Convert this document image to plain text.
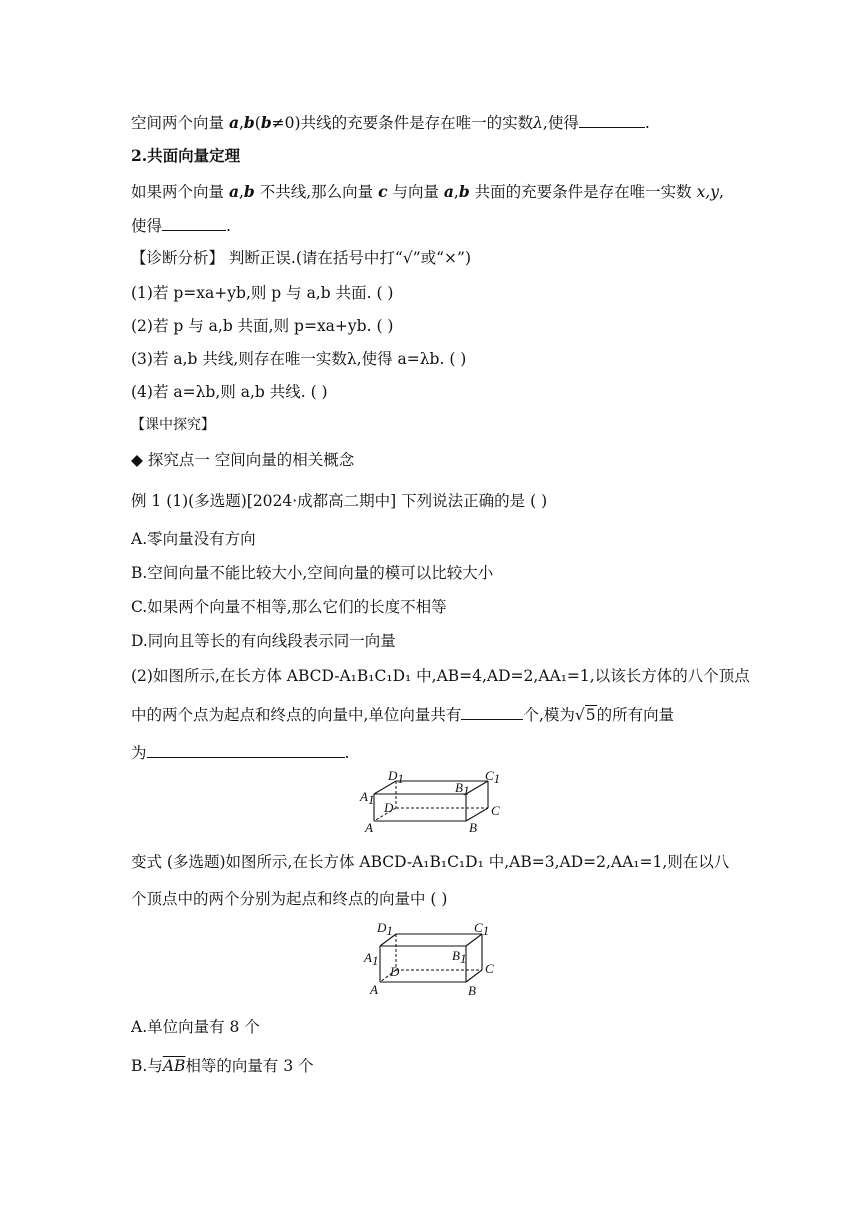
空间两个向量 a,b(b≠0)共线的充要条件是存在唯一的实数λ,使得	.
2.共面向量定理
如果两个向量 a,b 不共线,那么向量 c 与向量 a,b 共面的充要条件是存在唯一实数 x,y,
使得	.
【诊断分析】 判断正误.(请在括号中打“√”或“×”)
(1)若 p=xa+yb,则 p 与 a,b 共面. ( )
(2)若 p 与 a,b 共面,则 p=xa+yb. ( )
(3)若 a,b 共线,则存在唯一实数λ,使得 a=λb. ( )
(4)若 a=λb,则 a,b 共线. ( )
【课中探究】
◆ 探究点一 空间向量的相关概念
例 1 (1)(多选题)[2024·成都高二期中] 下列说法正确的是 ( )
A.零向量没有方向
B.空间向量不能比较大小,空间向量的模可以比较大小
C.如果两个向量不相等,那么它们的长度不相等
D.同向且等长的有向线段表示同一向量
(2)如图所示,在长方体 ABCD-A₁B₁C₁D₁ 中,AB=4,AD=2,AA₁=1,以该长方体的八个顶点
中的两个点为起点和终点的向量中,单位向量共有	个,模为√5的所有向量
为	.
D1	C1
A1
B1
D	C
A	B
变式 (多选题)如图所示,在长方体 ABCD-A₁B₁C₁D₁ 中,AB=3,AD=2,AA₁=1,则在以八
个顶点中的两个分别为起点和终点的向量中 ( )
D1	C1
A1	B1
D	C
A	B
A.单位向量有 8 个
B.与$\overline{AB}$相等的向量有 3 个
